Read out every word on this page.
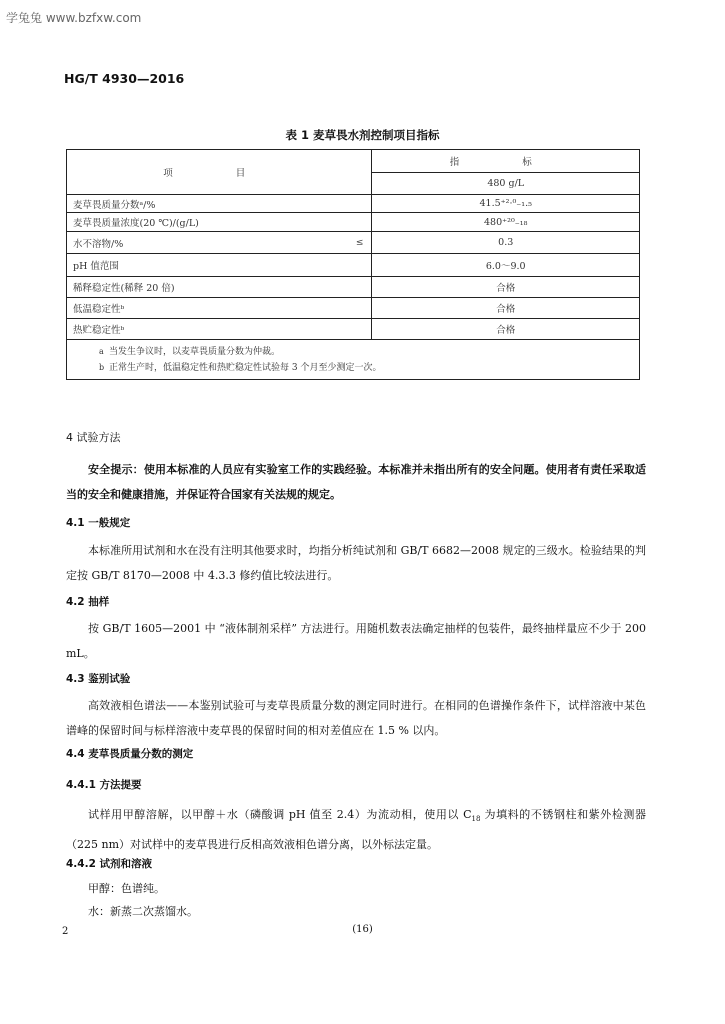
学兔兔 www.bzfxw.com
HG/T 4930—2016
表 1 麦草畏水剂控制项目指标
项 目	指 标
	480 g/L
麦草畏质量分数ᵃ/%	41.5⁺²·⁰₋₁.₅
麦草畏质量浓度(20 ℃)/(g/L)	480⁺²⁰₋₁₈
水不溶物/% ≤	0.3
pH 值范围	6.0～9.0
稀释稳定性(稀释 20 倍)	合格
低温稳定性ᵇ	合格
热贮稳定性ᵇ	合格

a 当发生争议时，以麦草畏质量分数为仲裁。
b 正常生产时，低温稳定性和热贮稳定性试验每 3 个月至少测定一次。	
4 试验方法
安全提示：使用本标准的人员应有实验室工作的实践经验。本标准并未指出所有的安全问题。使用者有责任采取适当的安全和健康措施，并保证符合国家有关法规的规定。
4.1 一般规定
本标准所用试剂和水在没有注明其他要求时，均指分析纯试剂和 GB/T 6682—2008 规定的三级水。检验结果的判定按 GB/T 8170—2008 中 4.3.3 修约值比较法进行。
4.2 抽样
按 GB/T 1605—2001 中 “液体制剂采样” 方法进行。用随机数表法确定抽样的包装件，最终抽样量应不少于 200 mL。
4.3 鉴别试验
高效液相色谱法——本鉴别试验可与麦草畏质量分数的测定同时进行。在相同的色谱操作条件下，试样溶液中某色谱峰的保留时间与标样溶液中麦草畏的保留时间的相对差值应在 1.5 % 以内。
4.4 麦草畏质量分数的测定
4.4.1 方法提要
试样用甲醇溶解，以甲醇＋水（磷酸调 pH 值至 2.4）为流动相，使用以 $C_{18}$ 为填料的不锈钢柱和紫外检测器（225 nm）对试样中的麦草畏进行反相高效液相色谱分离，以外标法定量。
4.4.2 试剂和溶液
甲醇：色谱纯。
水：新蒸二次蒸馏水。
2	(16)
